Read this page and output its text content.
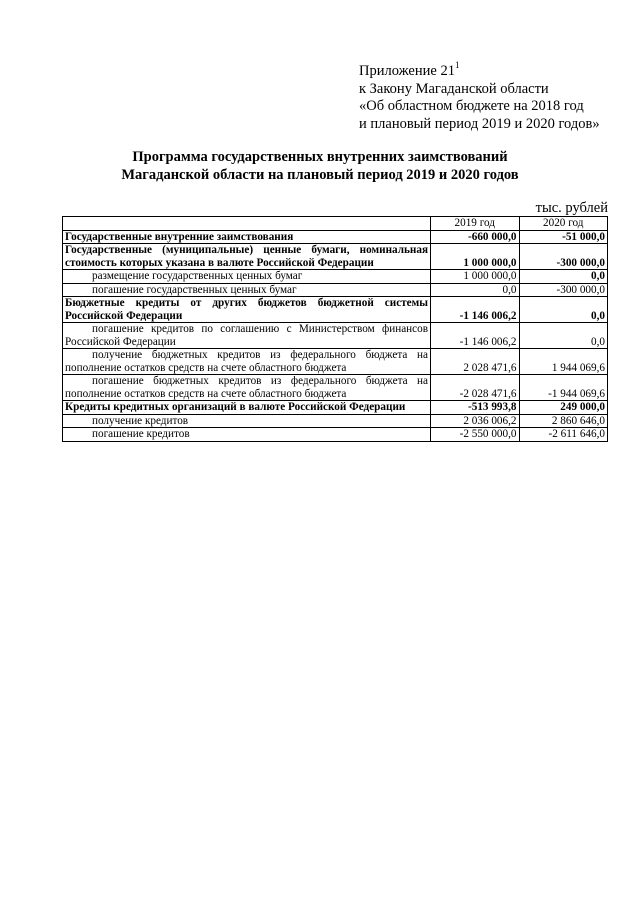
Приложение $21^1$
к Закону Магаданской области
«Об областном бюджете на 2018 год
и плановый период 2019 и 2020 годов»
Программа государственных внутренних заимствований
Магаданской области на плановый период 2019 и 2020 годов
тыс. рублей
	2019 год	2020 год
Государственные внутренние заимствования	-660 000,0	-51 000,0
Государственные (муниципальные) ценные бумаги, номинальная стоимость которых указана в валюте Российской Федерации	1 000 000,0	-300 000,0
размещение государственных ценных бумаг	1 000 000,0	0,0
погашение государственных ценных бумаг	0,0	-300 000,0
Бюджетные кредиты от других бюджетов бюджетной системы Российской Федерации	-1 146 006,2	0,0
погашение кредитов по соглашению с Министерством финансов Российской Федерации	-1 146 006,2	0,0
получение бюджетных кредитов из федерального бюджета на пополнение остатков средств на счете областного бюджета	2 028 471,6	1 944 069,6
погашение бюджетных кредитов из федерального бюджета на пополнение остатков средств на счете областного бюджета	-2 028 471,6	-1 944 069,6
Кредиты кредитных организаций в валюте Российской Федерации	-513 993,8	249 000,0
получение кредитов	2 036 006,2	2 860 646,0
погашение кредитов	-2 550 000,0	-2 611 646,0
